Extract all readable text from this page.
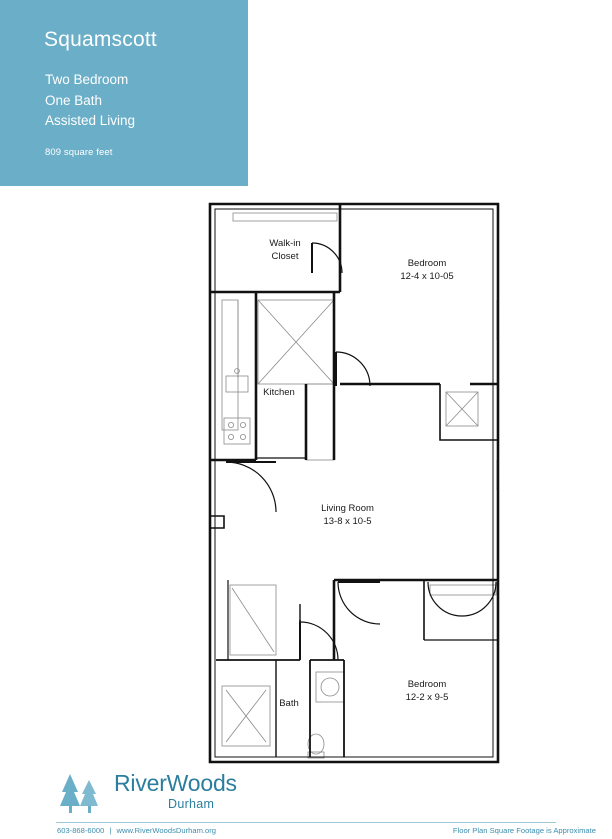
Squamscott
Two Bedroom
One Bath
Assisted Living
809 square feet
Walk-in
Closet
Bedroom
12-4 x 10-05
Kitchen
Living Room
13-8 x 10-5
Bath
Bedroom
12-2 x 9-5
RiverWoods
Durham
603-868-6000 | www.RiverWoodsDurham.org	Floor Plan Square Footage is Approximate
